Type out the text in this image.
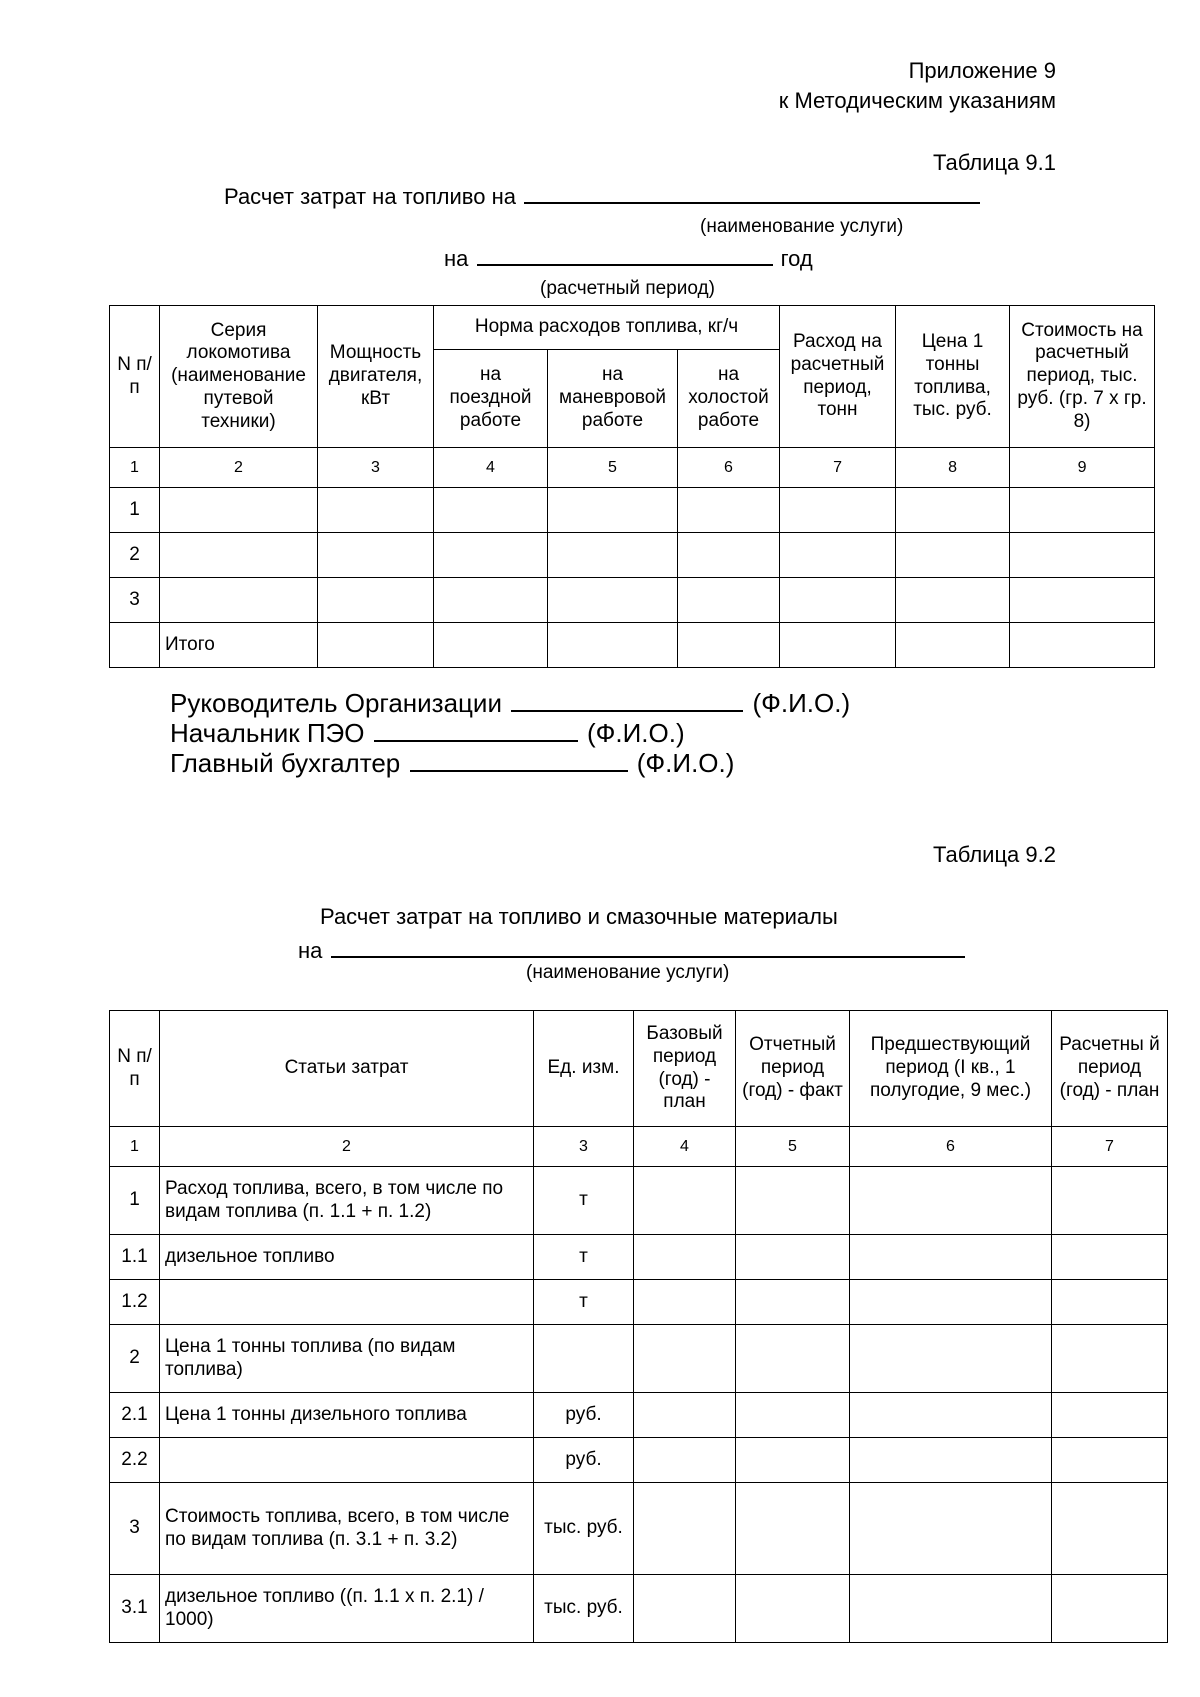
Приложение 9
к Методическим указаниям
Таблица 9.1
Расчет затрат на топливо на
(наименование услуги)
на	год
(расчетный период)
N п/п	Серия локомотива (наименование путевой техники)	Мощность двигателя, кВт	Норма расходов топлива, кг/ч			Расход на расчетный период, тонн	Цена 1 тонны топлива, тыс. руб.	Стоимость на расчетный период, тыс. руб. (гр. 7 x гр. 8)
			на поездной работе	на маневровой работе	на холостой работе			
1	2	3	4	5	6	7	8	9
1								
2								
3								
	Итого							
Руководитель Организации	(Ф.И.О.)
Начальник ПЭО	(Ф.И.О.)
Главный бухгалтер	(Ф.И.О.)
Таблица 9.2
Расчет затрат на топливо и смазочные материалы
на
(наименование услуги)
N п/п	Статьи затрат	Ед. изм.	Базовый период (год) - план	Отчетный период (год) - факт	Предшествующий период (I кв., 1 полугодие, 9 мес.)	Расчетны й период (год) - план
1	2	3	4	5	6	7
1	Расход топлива, всего, в том числе по видам топлива (п. 1.1 + п. 1.2)	т				
1.1	дизельное топливо	т				
1.2		т				
2	Цена 1 тонны топлива (по видам топлива)					
2.1	Цена 1 тонны дизельного топлива	руб.				
2.2		руб.				
3	Стоимость топлива, всего, в том числе по видам топлива (п. 3.1 + п. 3.2)	тыс. руб.				
3.1	дизельное топливо ((п. 1.1 x п. 2.1) / 1000)	тыс. руб.				
